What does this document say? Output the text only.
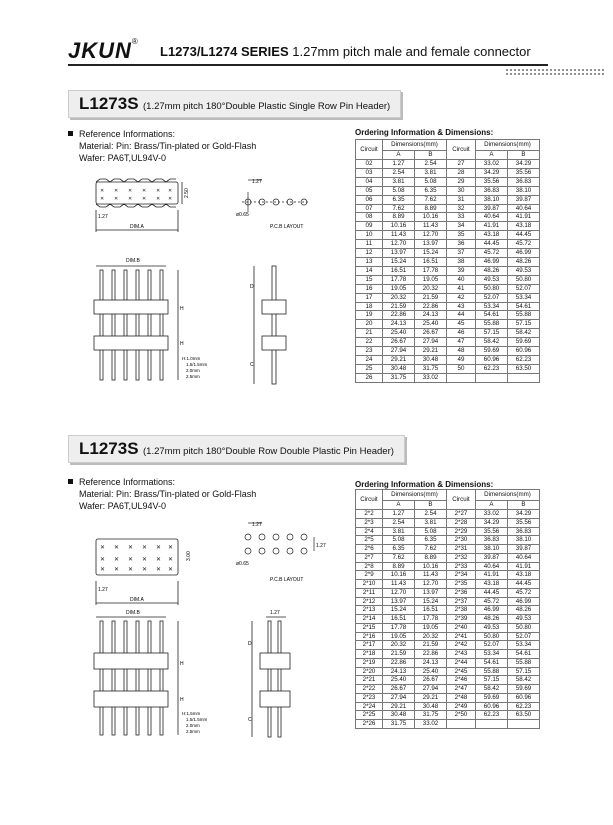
JKUN®
L1273/L1274 SERIES 1.27mm pitch male and female connector
L1273S (1.27mm pitch 180°Double Plastic Single Row Pin Header)
Reference Informations:
Material: Pin: Brass/Tin-plated or Gold-Flash
Wafer: PA6T,UL94V-0
✕ ✕ ✕ ✕ ✕ ✕
✕ ✕ ✕ ✕ ✕ ✕
2.50
1.27
DIM.A
1.27
ø0.65
P.C.B LAYOUT
DIM.B
H
H
H:1.0mm
1.5/1.5mm
2.0mm
2.5mm
D
C
Ordering Information & Dimensions:
Circuit	Dimensions(mm)		Circuit	Dimensions(mm)	
	A	B		A	B
02	1.27	2.54	27	33.02	34.29
03	2.54	3.81	28	34.29	35.56
04	3.81	5.08	29	35.56	36.83
05	5.08	6.35	30	36.83	38.10
06	6.35	7.62	31	38.10	39.87
07	7.62	8.89	32	39.87	40.64
08	8.89	10.16	33	40.64	41.91
09	10.16	11.43	34	41.91	43.18
10	11.43	12.70	35	43.18	44.45
11	12.70	13.97	36	44.45	45.72
12	13.97	15.24	37	45.72	46.99
13	15.24	16.51	38	46.99	48.26
14	16.51	17.78	39	48.26	49.53
15	17.78	19.05	40	49.53	50.80
16	19.05	20.32	41	50.80	52.07
17	20.32	21.59	42	52.07	53.34
18	21.59	22.86	43	53.34	54.61
19	22.86	24.13	44	54.61	55.88
20	24.13	25.40	45	55.88	57.15
21	25.40	26.67	46	57.15	58.42
22	26.67	27.94	47	58.42	59.69
23	27.94	29.21	48	59.69	60.96
24	29.21	30.48	49	60.96	62.23
25	30.48	31.75	50	62.23	63.50
26	31.75	33.02			
L1273S (1.27mm pitch 180°Double Row Double Plastic Pin Header)
Reference Informations:
Material: Pin: Brass/Tin-plated or Gold-Flash
Wafer: PA6T,UL94V-0
✕ ✕ ✕ ✕ ✕ ✕
✕ ✕ ✕ ✕ ✕ ✕
✕ ✕ ✕ ✕ ✕ ✕
3.00
1.27
DIM.A
1.27
1.27
ø0.65
P.C.B LAYOUT
DIM.B
H
H
H:1.5mm
1.5/1.5mm
2.0mm
2.5mm
1.27
D
C
Ordering Information & Dimensions:
Circuit	Dimensions(mm)		Circuit	Dimensions(mm)	
	A	B		A	B
2*2	1.27	2.54	2*27	33.02	34.29
2*3	2.54	3.81	2*28	34.29	35.56
2*4	3.81	5.08	2*29	35.56	36.83
2*5	5.08	6.35	2*30	36.83	38.10
2*6	6.35	7.62	2*31	38.10	39.87
2*7	7.62	8.89	2*32	39.87	40.64
2*8	8.89	10.16	2*33	40.64	41.91
2*9	10.16	11.43	2*34	41.91	43.18
2*10	11.43	12.70	2*35	43.18	44.45
2*11	12.70	13.97	2*36	44.45	45.72
2*12	13.97	15.24	2*37	45.72	46.99
2*13	15.24	16.51	2*38	46.99	48.26
2*14	16.51	17.78	2*39	48.26	49.53
2*15	17.78	19.05	2*40	49.53	50.80
2*16	19.05	20.32	2*41	50.80	52.07
2*17	20.32	21.59	2*42	52.07	53.34
2*18	21.59	22.86	2*43	53.34	54.61
2*19	22.86	24.13	2*44	54.61	55.88
2*20	24.13	25.40	2*45	55.88	57.15
2*21	25.40	26.67	2*46	57.15	58.42
2*22	26.67	27.94	2*47	58.42	59.69
2*23	27.94	29.21	2*48	59.69	60.96
2*24	29.21	30.48	2*49	60.96	62.23
2*25	30.48	31.75	2*50	62.23	63.50
2*26	31.75	33.02			
